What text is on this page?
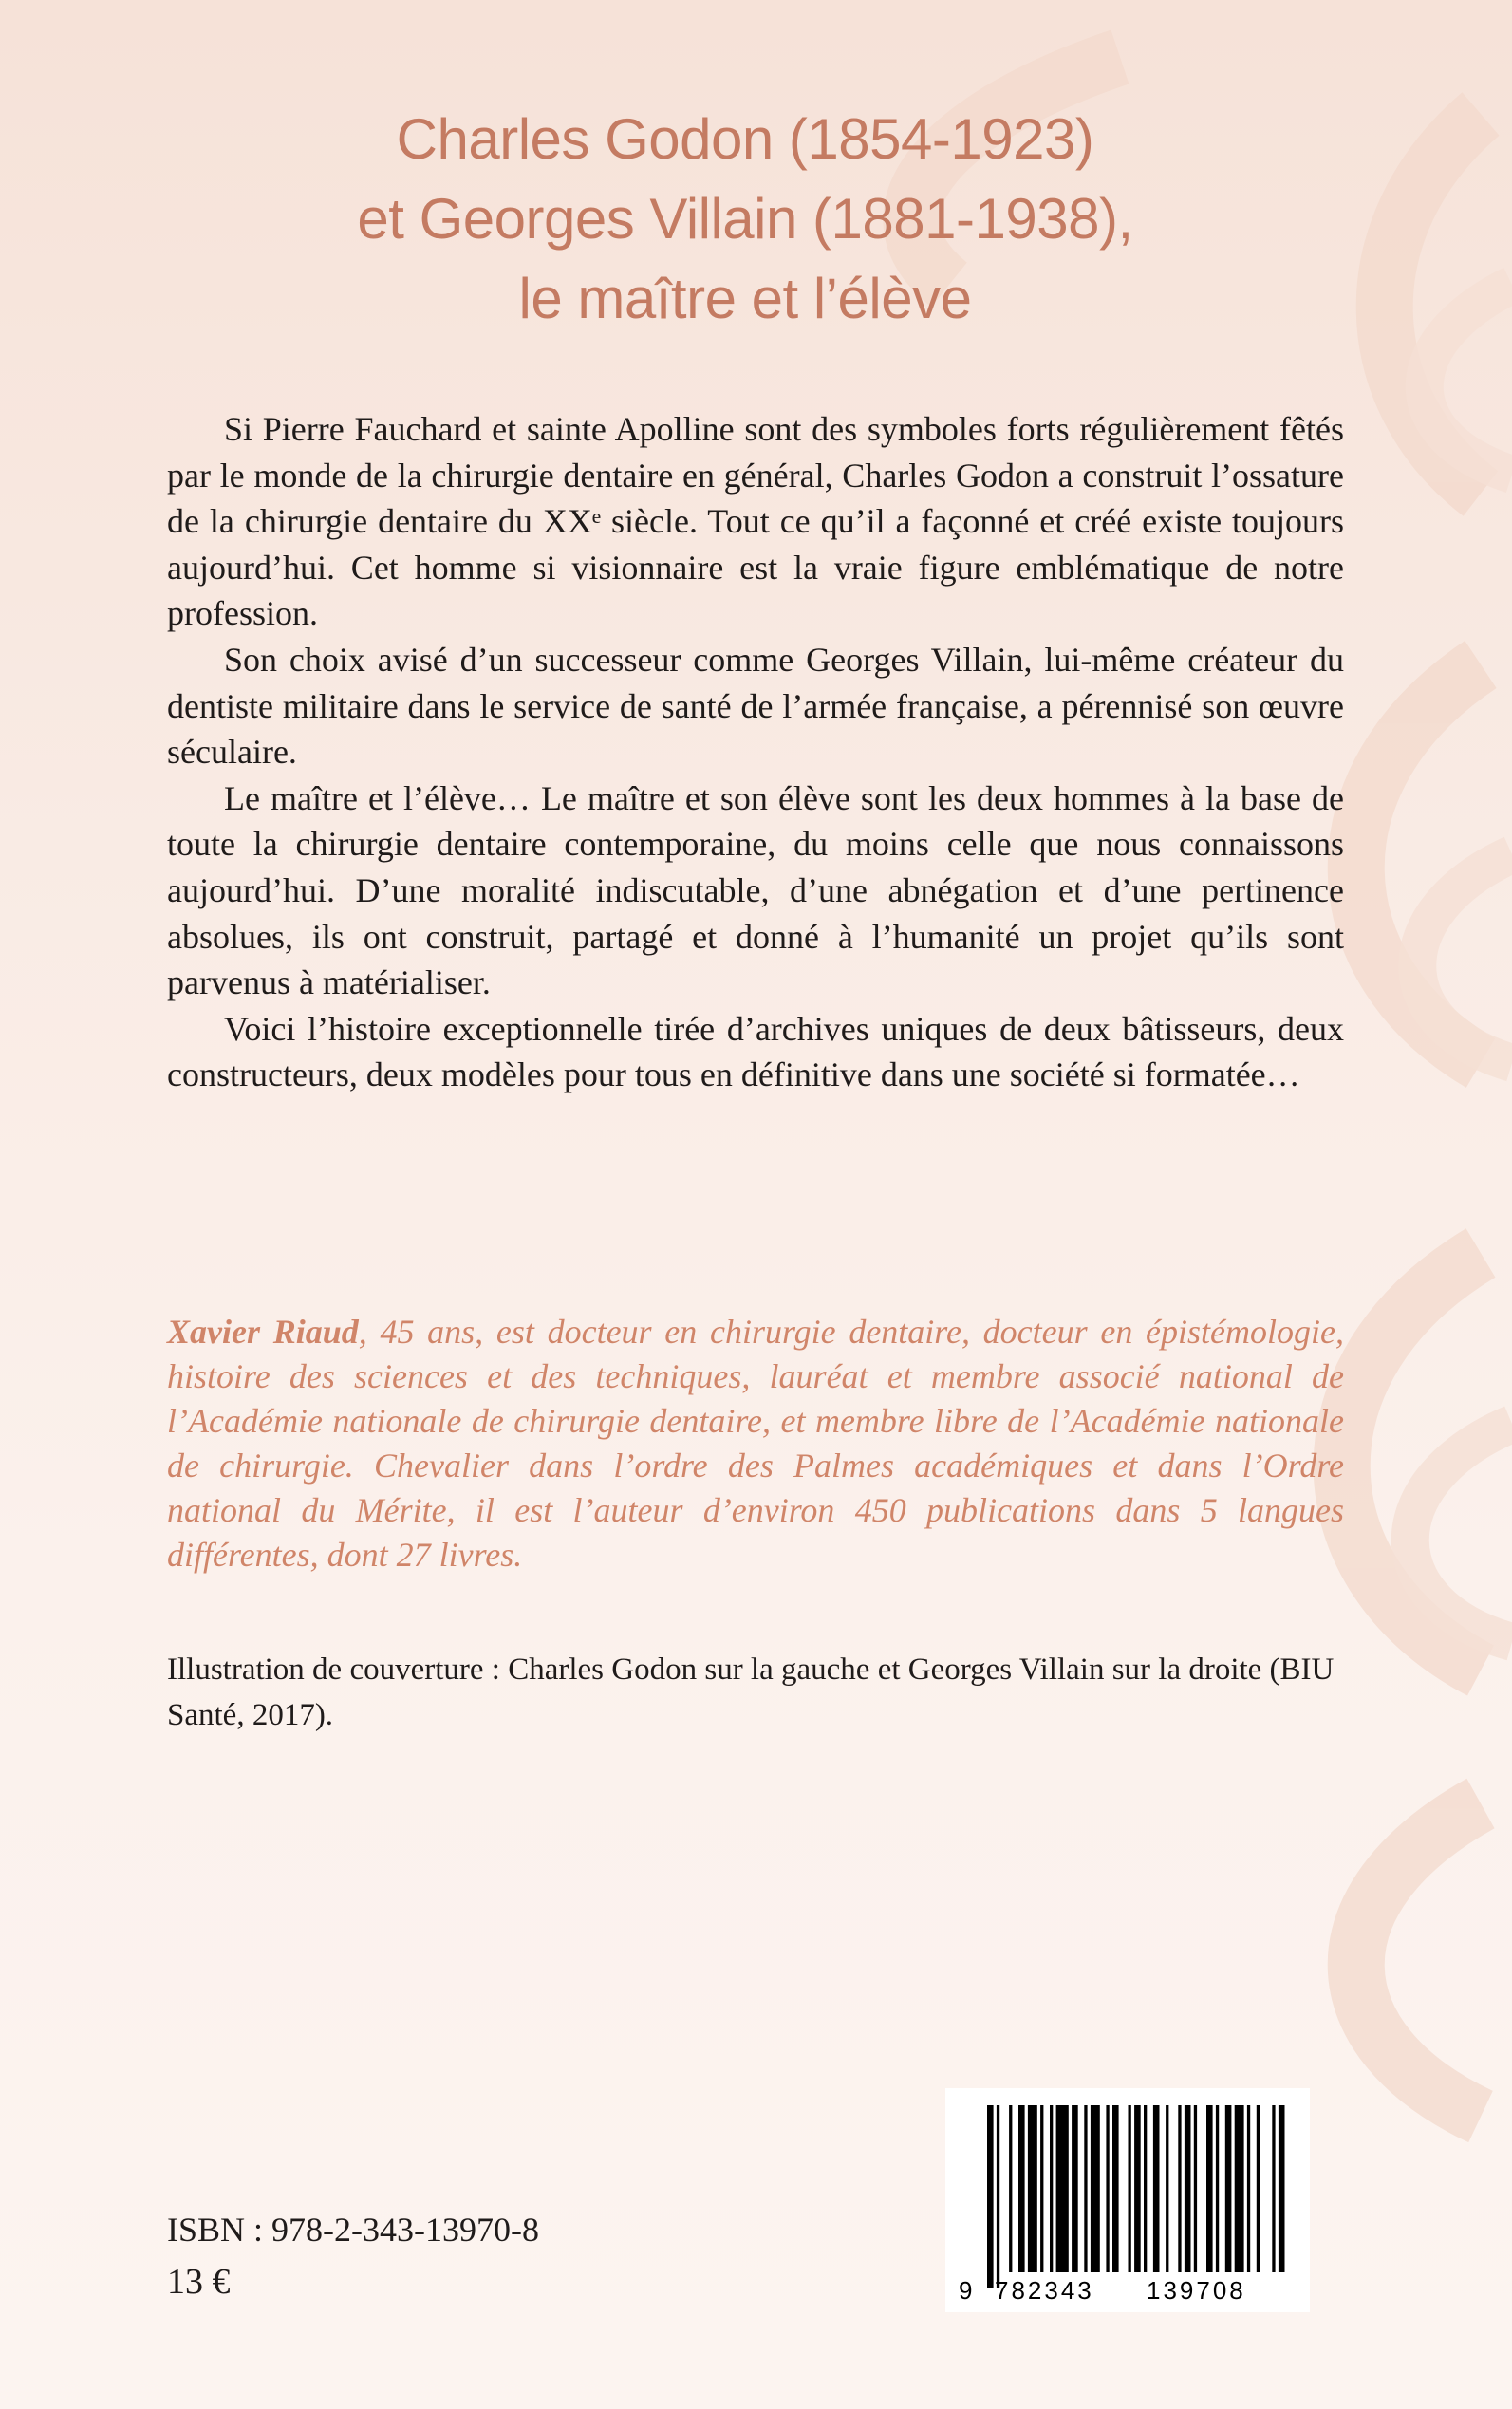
Charles Godon (1854-1923)
et Georges Villain (1881-1938),
le maître et l’élève

Si Pierre Fauchard et sainte Apolline sont des symboles forts régulièrement fêtés par le monde de la chirurgie dentaire en général, Charles Godon a construit l’ossature de la chirurgie dentaire du XXᵉ siècle. Tout ce qu’il a façonné et créé existe toujours aujourd’hui. Cet homme si visionnaire est la vraie figure emblématique de notre profession.

Son choix avisé d’un successeur comme Georges Villain, lui-même créateur du dentiste militaire dans le service de santé de l’armée française, a pérennisé son œuvre séculaire.

Le maître et l’élève… Le maître et son élève sont les deux hommes à la base de toute la chirurgie dentaire contemporaine, du moins celle que nous connaissons aujourd’hui. D’une moralité indiscutable, d’une abnégation et d’une pertinence absolues, ils ont construit, partagé et donné à l’humanité un projet qu’ils sont parvenus à matérialiser.

Voici l’histoire exceptionnelle tirée d’archives uniques de deux bâtisseurs, deux constructeurs, deux modèles pour tous en définitive dans une société si formatée…

Xavier Riaud, 45 ans, est docteur en chirurgie dentaire, docteur en épistémologie, histoire des sciences et des techniques, lauréat et membre associé national de l’Académie nationale de chirurgie dentaire, et membre libre de l’Académie nationale de chirurgie. Chevalier dans l’ordre des Palmes académiques et dans l’Ordre national du Mérite, il est l’auteur d’environ 450 publications dans 5 langues différentes, dont 27 livres.
Illustration de couverture : Charles Godon sur la gauche et Georges Villain sur la droite (BIU Santé, 2017).
ISBN : 978-2-343-13970-8
13 €	9 782343 139708
